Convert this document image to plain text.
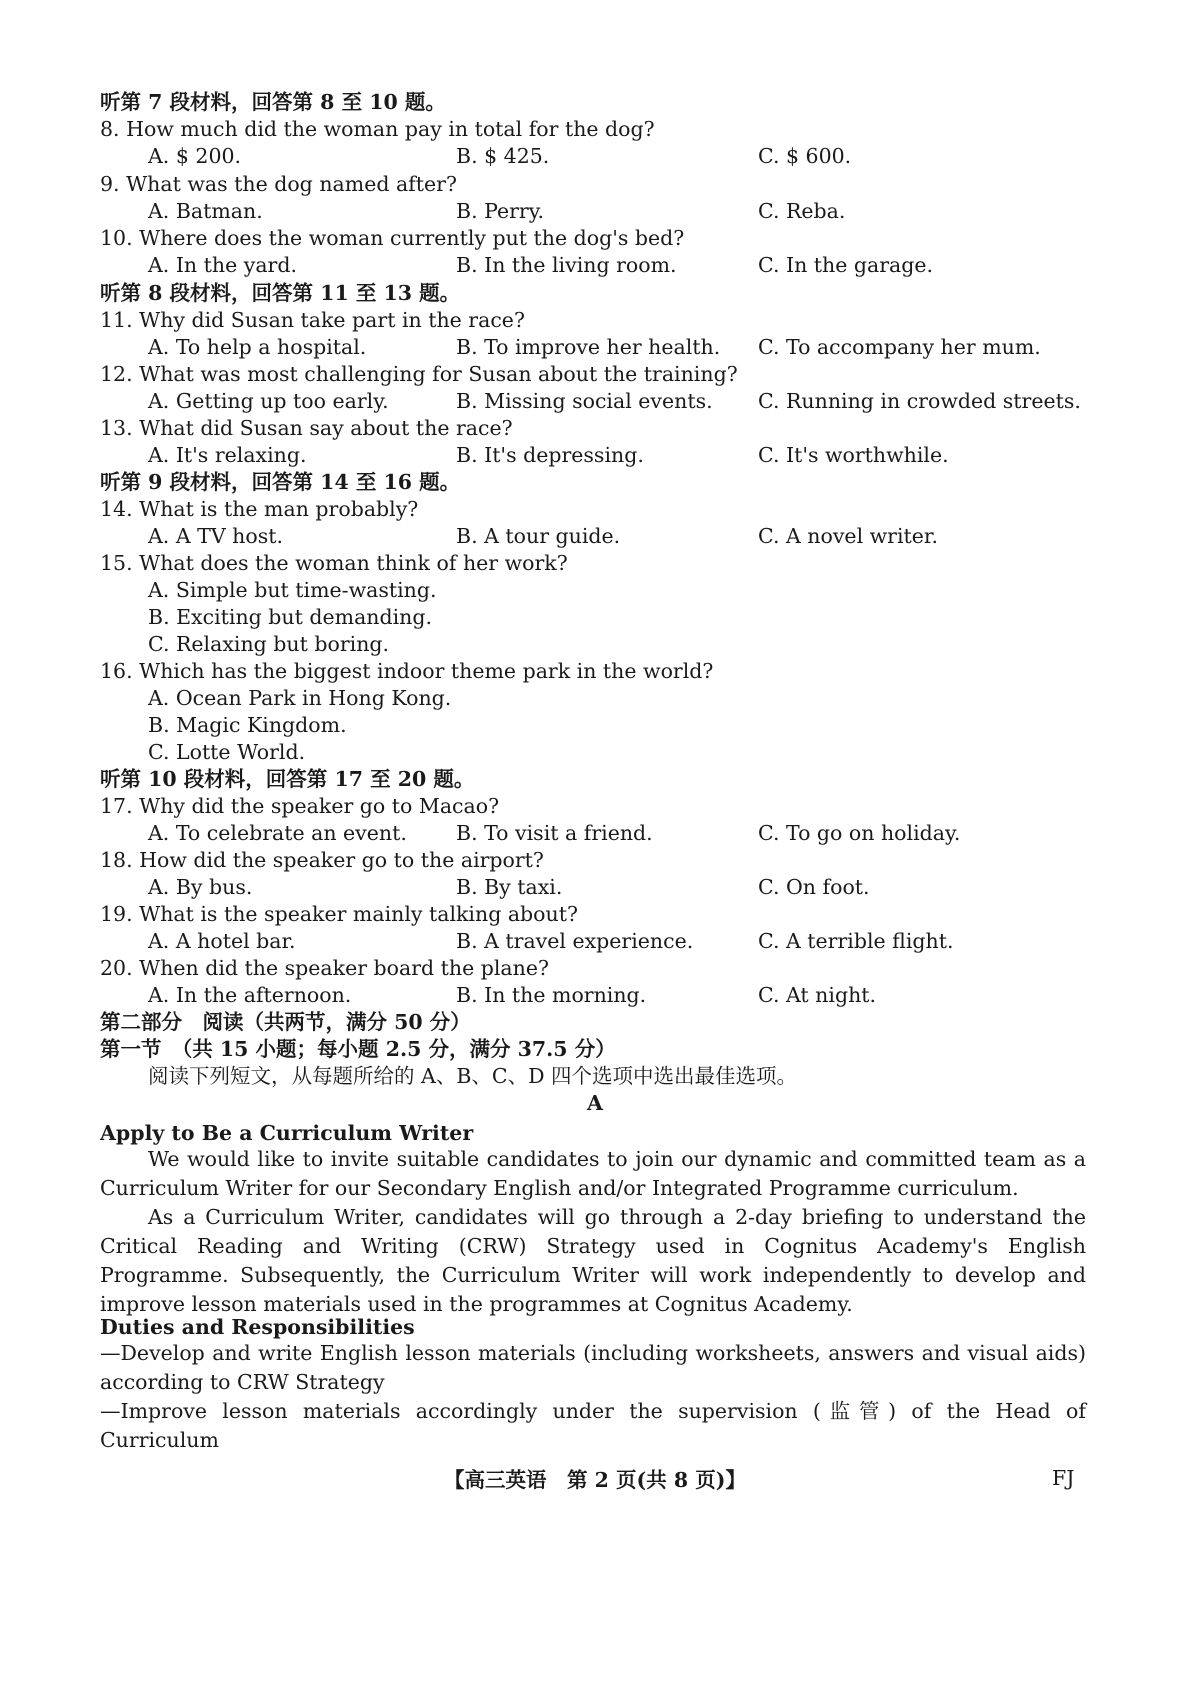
听第 7 段材料，回答第 8 至 10 题。
8. How much did the woman pay in total for the dog?
A. $ 200.	B. $ 425.	C. $ 600.
9. What was the dog named after?
A. Batman.	B. Perry.	C. Reba.
10. Where does the woman currently put the dog's bed?
A. In the yard.	B. In the living room.	C. In the garage.
听第 8 段材料，回答第 11 至 13 题。
11. Why did Susan take part in the race?
A. To help a hospital.	B. To improve her health. C. To accompany her mum.
12. What was most challenging for Susan about the training?
A. Getting up too early.	B. Missing social events. C. Running in crowded streets.
13. What did Susan say about the race?
A. It's relaxing.	B. It's depressing.	C. It's worthwhile.
听第 9 段材料，回答第 14 至 16 题。
14. What is the man probably?
A. A TV host.	B. A tour guide.	C. A novel writer.
15. What does the woman think of her work?
A. Simple but time-wasting.
B. Exciting but demanding.
C. Relaxing but boring.
16. Which has the biggest indoor theme park in the world?
A. Ocean Park in Hong Kong.
B. Magic Kingdom.
C. Lotte World.
听第 10 段材料，回答第 17 至 20 题。
17. Why did the speaker go to Macao?
A. To celebrate an event. B. To visit a friend.	C. To go on holiday.
18. How did the speaker go to the airport?
A. By bus.	B. By taxi.	C. On foot.
19. What is the speaker mainly talking about?
A. A hotel bar.	B. A travel experience.	C. A terrible flight.
20. When did the speaker board the plane?
A. In the afternoon.	B. In the morning.	C. At night.
第二部分　阅读（共两节，满分 50 分）
第一节　（共 15 小题；每小题 2.5 分，满分 37.5 分）
阅读下列短文，从每题所给的 A、B、C、D 四个选项中选出最佳选项。
A
Apply to Be a Curriculum Writer
We would like to invite suitable candidates to join our dynamic and committed team as a Curriculum Writer for our Secondary English and/or Integrated Programme curriculum.
As a Curriculum Writer, candidates will go through a 2-day briefing to understand the Critical Reading and Writing (CRW) Strategy used in Cognitus Academy's English Programme. Subsequently, the Curriculum Writer will work independently to develop and improve lesson materials used in the programmes at Cognitus Academy.
Duties and Responsibilities
—Develop and write English lesson materials (including worksheets, answers and visual aids) according to CRW Strategy
—Improve lesson materials accordingly under the supervision (监管) of the Head of Curriculum
【高三英语　第 2 页(共 8 页)】	FJ
